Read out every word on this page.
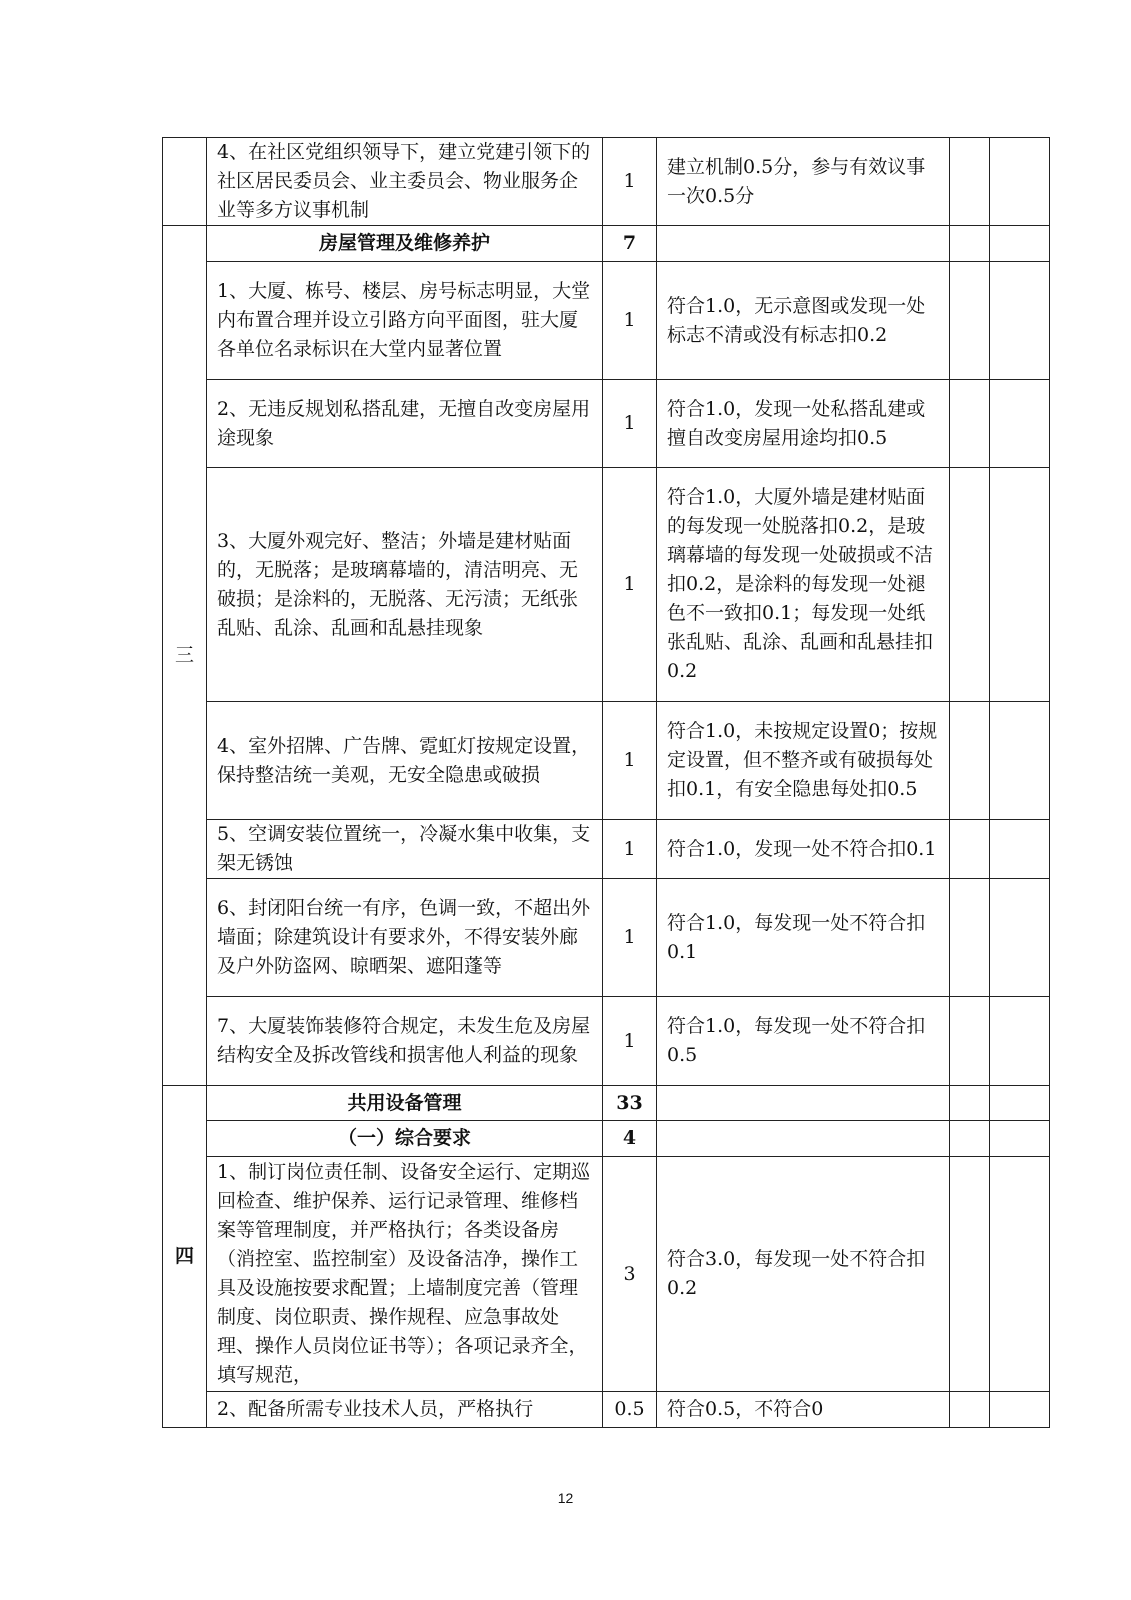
	4、在社区党组织领导下，建立党建引领下的社区居民委员会、业主委员会、物业服务企业等多方议事机制	1	建立机制0.5分，参与有效议事一次0.5分		
三	房屋管理及维修养护	7			
	1、大厦、栋号、楼层、房号标志明显，大堂内布置合理并设立引路方向平面图，驻大厦各单位名录标识在大堂内显著位置	1	符合1.0，无示意图或发现一处标志不清或没有标志扣0.2		
	2、无违反规划私搭乱建，无擅自改变房屋用途现象	1	符合1.0，发现一处私搭乱建或擅自改变房屋用途均扣0.5		
	3、大厦外观完好、整洁；外墙是建材贴面的，无脱落；是玻璃幕墙的，清洁明亮、无破损；是涂料的，无脱落、无污渍；无纸张乱贴、乱涂、乱画和乱悬挂现象	1	符合1.0，大厦外墙是建材贴面的每发现一处脱落扣0.2，是玻璃幕墙的每发现一处破损或不洁扣0.2，是涂料的每发现一处褪色不一致扣0.1；每发现一处纸张乱贴、乱涂、乱画和乱悬挂扣0.2		
	4、室外招牌、广告牌、霓虹灯按规定设置，保持整洁统一美观，无安全隐患或破损	1	符合1.0，未按规定设置0；按规定设置，但不整齐或有破损每处扣0.1，有安全隐患每处扣0.5		
	5、空调安装位置统一，冷凝水集中收集，支架无锈蚀	1	符合1.0，发现一处不符合扣0.1		
	6、封闭阳台统一有序，色调一致，不超出外墙面；除建筑设计有要求外，不得安装外廊及户外防盗网、晾晒架、遮阳蓬等	1	符合1.0，每发现一处不符合扣0.1		
	7、大厦装饰装修符合规定，未发生危及房屋结构安全及拆改管线和损害他人利益的现象	1	符合1.0，每发现一处不符合扣0.5		
四	共用设备管理	33			
	（一）综合要求	4			
	1、制订岗位责任制、设备安全运行、定期巡回检查、维护保养、运行记录管理、维修档案等管理制度，并严格执行；各类设备房（消控室、监控制室）及设备洁净，操作工具及设施按要求配置；上墙制度完善（管理制度、岗位职责、操作规程、应急事故处理、操作人员岗位证书等）；各项记录齐全，填写规范，	3	符合3.0，每发现一处不符合扣0.2		
	2、配备所需专业技术人员，严格执行	0.5	符合0.5，不符合0		
12
